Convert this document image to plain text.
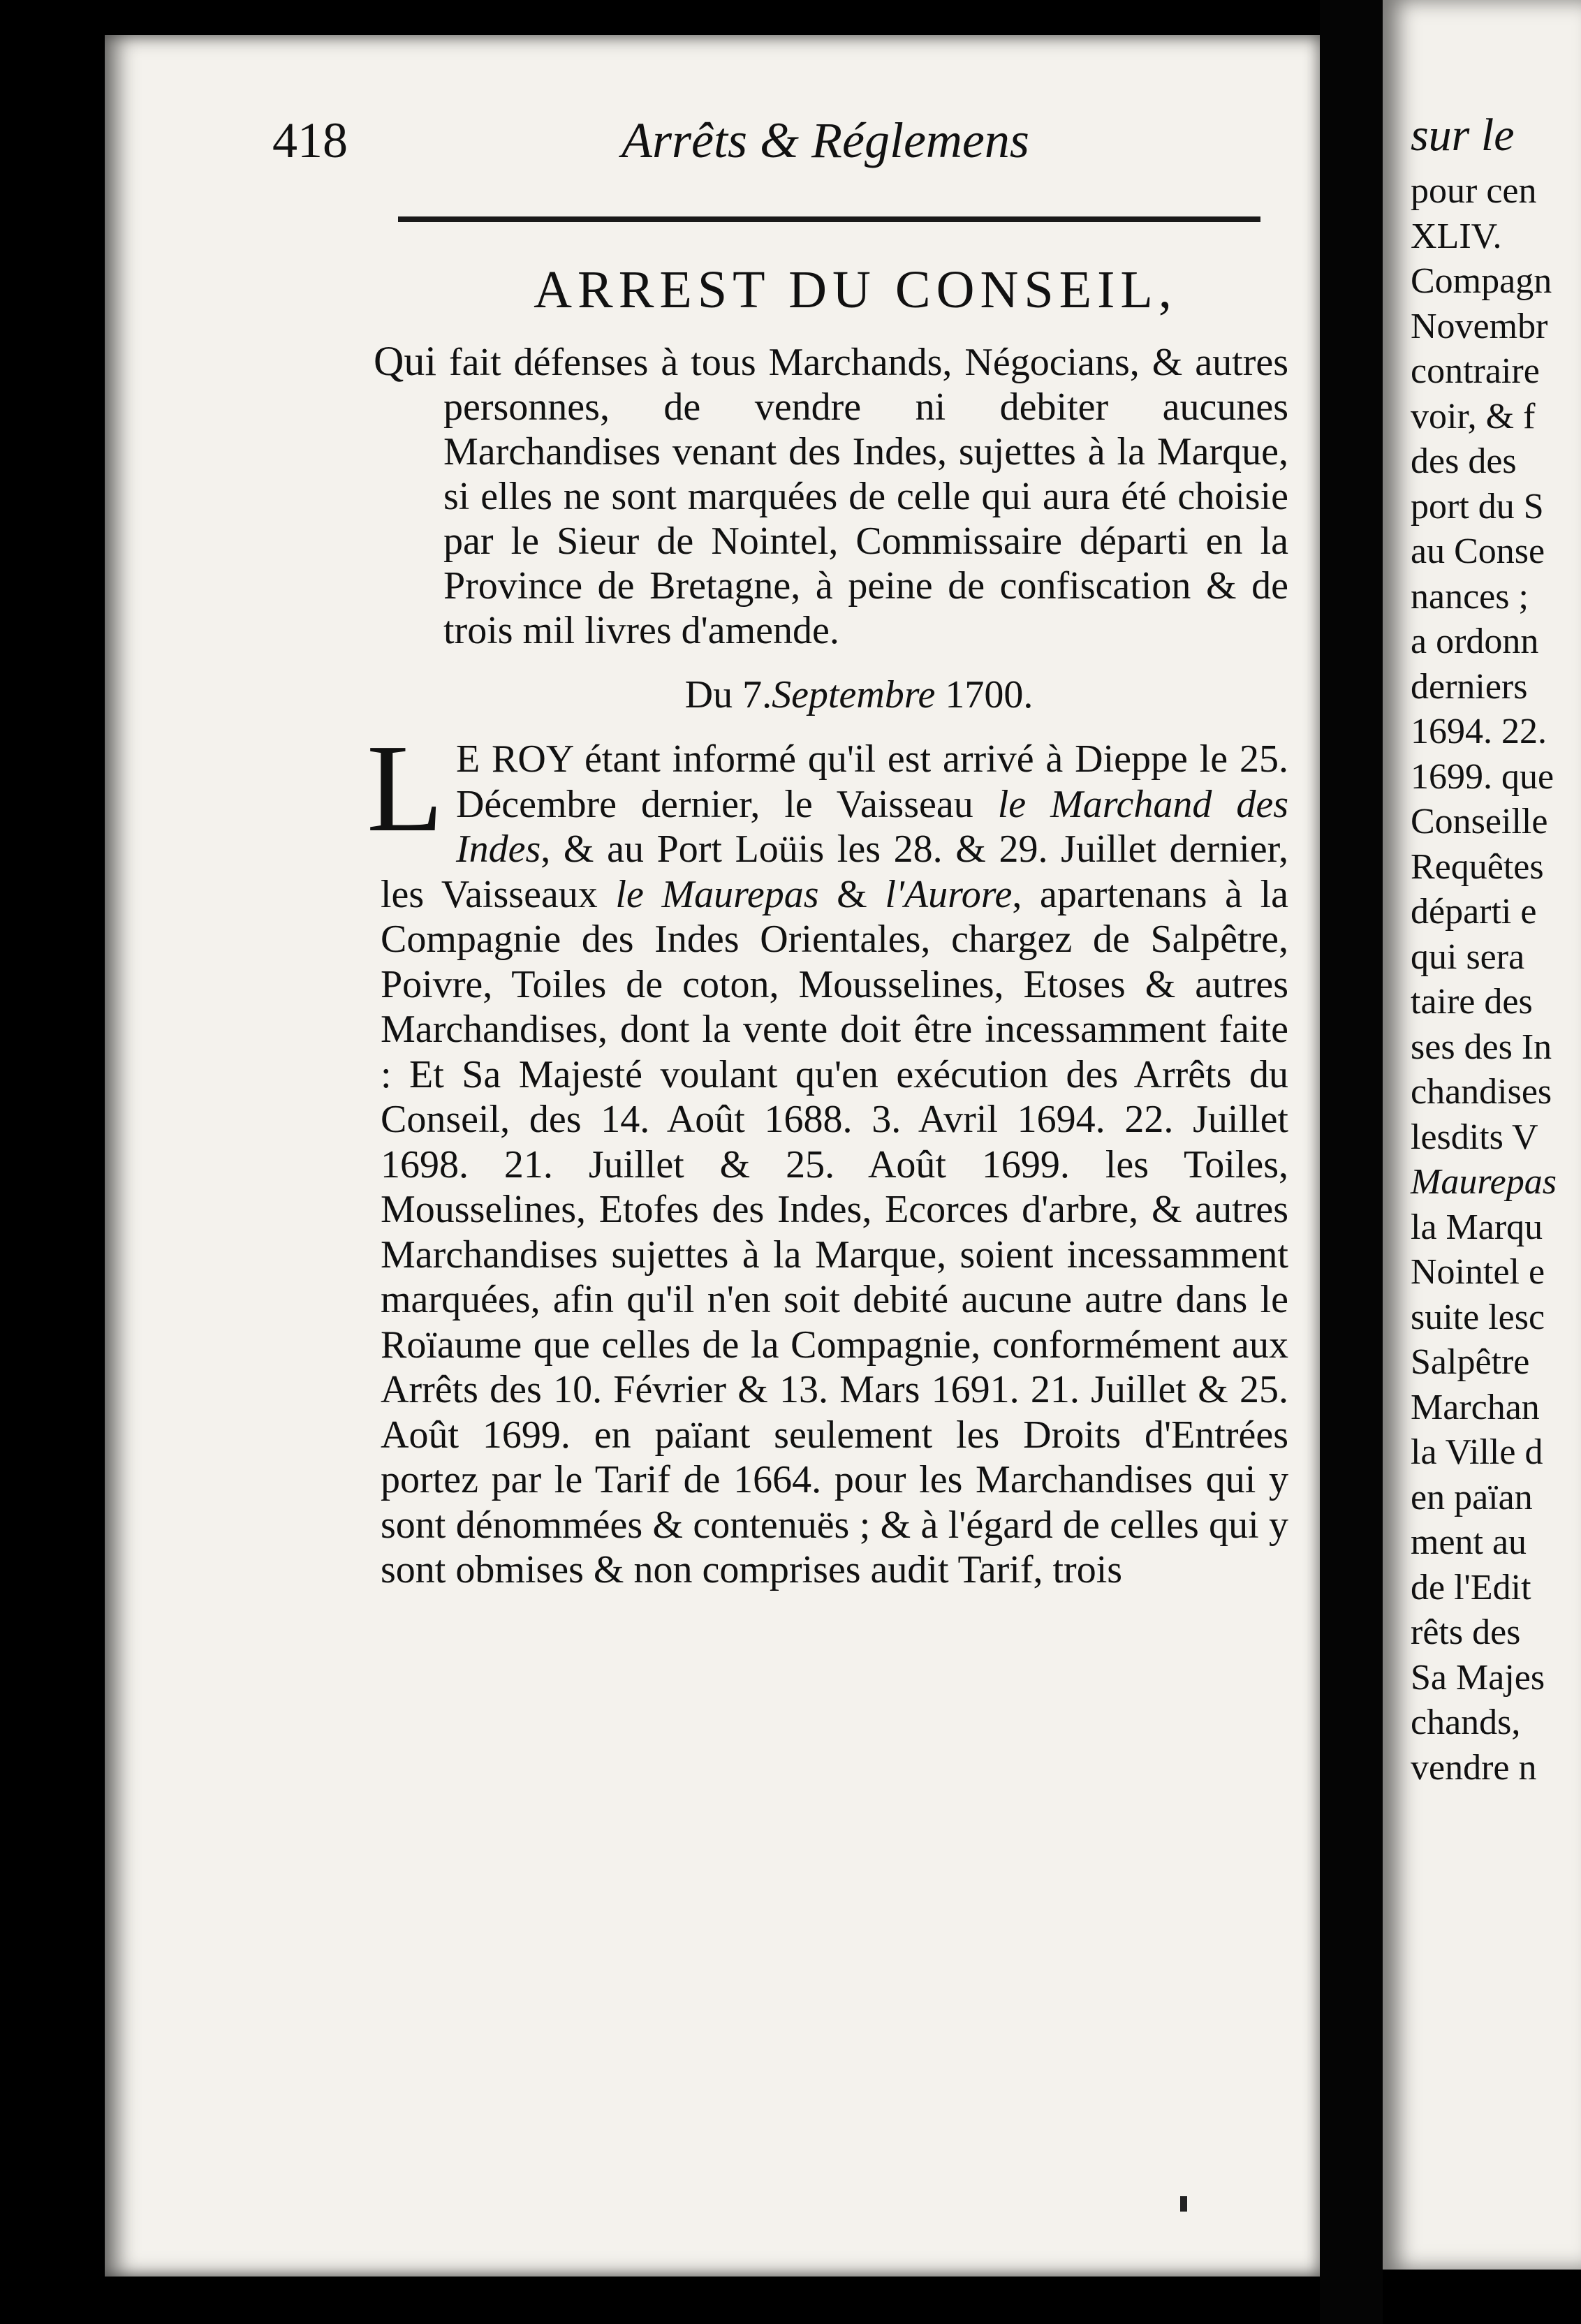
418	Arrêts & Réglemens
ARREST DU CONSEIL,

Qui fait défenses à tous Marchands, Négocians, & autres personnes, de vendre ni debiter aucunes Marchandises venant des Indes, sujettes à la Marque, si elles ne sont marquées de celle qui aura été choisie par le Sieur de Nointel, Commissaire départi en la Province de Bretagne, à peine de confiscation & de trois mil livres d'amende.

Du 7.Septembre 1700.

L E ROY étant informé qu'il est arrivé à Dieppe le 25. Décembre dernier, le Vaisseau le Marchand des Indes, & au Port Loüis les 28. & 29. Juillet dernier, les Vaisseaux le Maurepas & l'Aurore, apartenans à la Compagnie des Indes Orientales, chargez de Salpêtre, Poivre, Toiles de coton, Mousselines, Etoses & autres Marchandises, dont la vente doit être incessamment faite : Et Sa Majesté voulant qu'en exécution des Arrêts du Conseil, des 14. Août 1688. 3. Avril 1694. 22. Juillet 1698. 21. Juillet & 25. Août 1699. les Toiles, Mousselines, Etofes des Indes, Ecorces d'arbre, & autres Marchandises sujettes à la Marque, soient incessamment marquées, afin qu'il n'en soit debité aucune autre dans le Roïaume que celles de la Compagnie, conformément aux Arrêts des 10. Février & 13. Mars 1691. 21. Juillet & 25. Août 1699. en païant seulement les Droits d'Entrées portez par le Tarif de 1664. pour les Marchandises qui y sont dénommées & contenuës ; & à l'égard de celles qui y sont obmises & non comprises audit Tarif, trois

sur le
pour cen
XLIV.
Compagn
Novembr
contraire
voir, & f
des des
port du S
au Conse
nances ;
a ordonn
derniers
1694. 22.
1699. que
Conseille
Requêtes
départi e
qui sera
taire des
ses des In
chandises
lesdits V
Maurepas
la Marqu
Nointel e
suite lesc
Salpêtre
Marchan
la Ville d
en païan
ment au
de l'Edit
rêts des
Sa Majes
chands,
vendre n
